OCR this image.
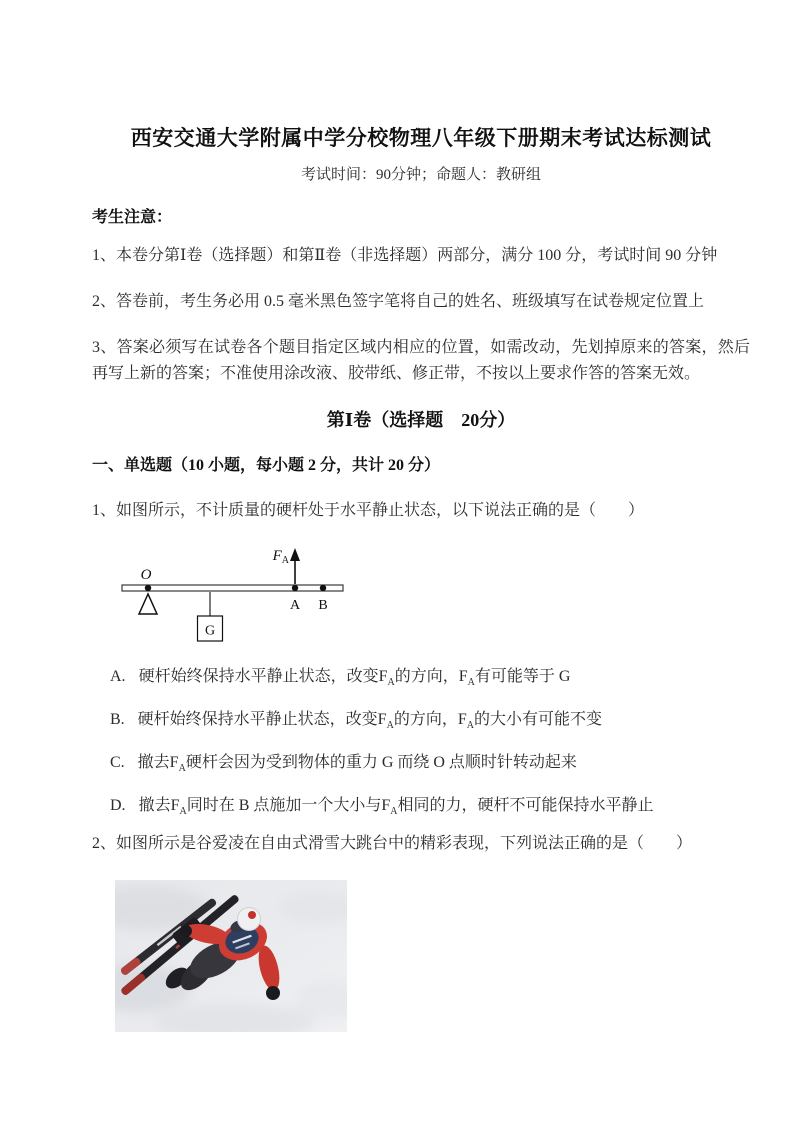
西安交通大学附属中学分校物理八年级下册期末考试达标测试
考试时间：90分钟；命题人：教研组
考生注意：
1、本卷分第Ⅰ卷（选择题）和第Ⅱ卷（非选择题）两部分，满分 100 分，考试时间 90 分钟
2、答卷前，考生务必用 0.5 毫米黑色签字笔将自己的姓名、班级填写在试卷规定位置上
3、答案必须写在试卷各个题目指定区域内相应的位置，如需改动，先划掉原来的答案，然后再写上新的答案；不准使用涂改液、胶带纸、修正带，不按以上要求作答的答案无效。
第Ⅰ卷（选择题　20分）
一、单选题（10 小题，每小题 2 分，共计 20 分）
1、如图所示，不计质量的硬杆处于水平静止状态，以下说法正确的是（　　）
O
G
$F_A$
A B
A. 硬杆始终保持水平静止状态，改变$F_A$的方向，$F_A$有可能等于 G
B. 硬杆始终保持水平静止状态，改变$F_A$的方向，$F_A$的大小有可能不变
C. 撤去$F_A$硬杆会因为受到物体的重力 G 而绕 O 点顺时针转动起来
D. 撤去$F_A$同时在 B 点施加一个大小与$F_A$相同的力，硬杆不可能保持水平静止
2、如图所示是谷爱凌在自由式滑雪大跳台中的精彩表现，下列说法正确的是（　　）
